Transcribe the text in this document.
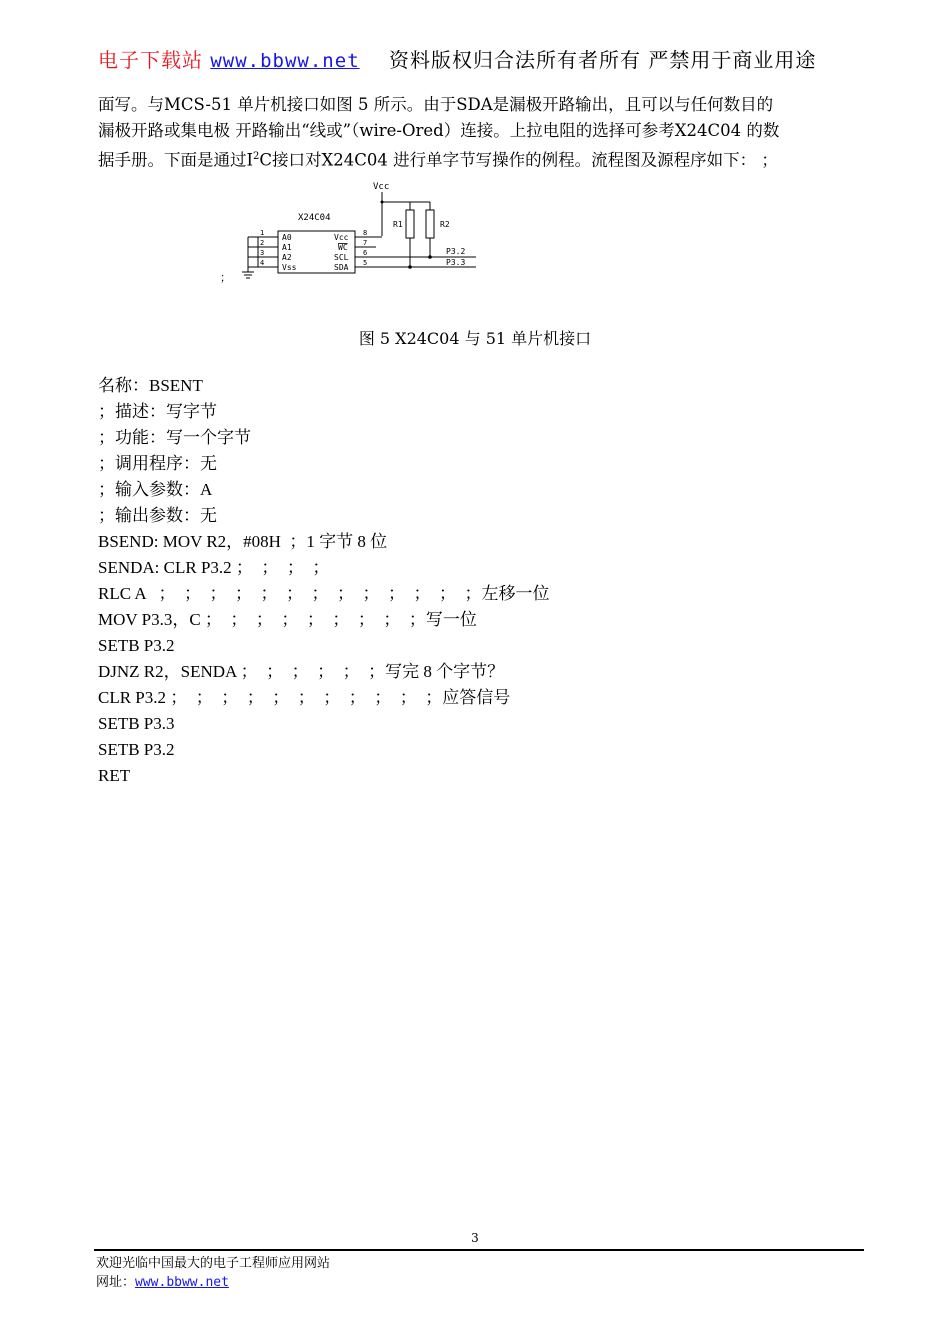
电子下载站 www.bbww.net 资料版权归合法所有者所有 严禁用于商业用途

面写。与MCS-51 单片机接口如图 5 所示。由于SDA是漏极开路输出，且可以与任何数目的

漏极开路或集电极 开路输出“线或”（wire-Ored）连接。上拉电阻的选择可参考X24C04 的数

据手册。下面是通过$I^2C$接口对X24C04 进行单字节写操作的例程。流程图及源程序如下： ；

；
Vcc
R1	R2
X24C04
A0
A1
A2
Vss
Vcc
WC
SCL
SDA
1
2
3
4
8
7
6
5
P3.2
P3.3
图 5 X24C04 与 51 单片机接口
名称：BSENT
；描述：写字节
；功能：写一个字节
；调用程序：无
；输入参数：A
；输出参数：无
BSEND: MOV R2，#08H  ；1 字节 8 位
SENDA: CLR P3.2 ；  ；  ；  ；
RLC A   ；  ；  ；  ；  ；  ；  ；  ；  ；  ；  ；  ；  ；左移一位
MOV P3.3，C ；  ；  ；  ；  ；  ；  ；  ；  ；写一位
SETB P3.2
DJNZ R2，SENDA ；  ；  ；  ；  ；  ；写完 8 个字节？
CLR P3.2 ；  ；  ；  ；  ；  ；  ；  ；  ；  ；  ；应答信号
SETB P3.3
SETB P3.2
RET
3
欢迎光临中国最大的电子工程师应用网站
网址：www.bbww.net
